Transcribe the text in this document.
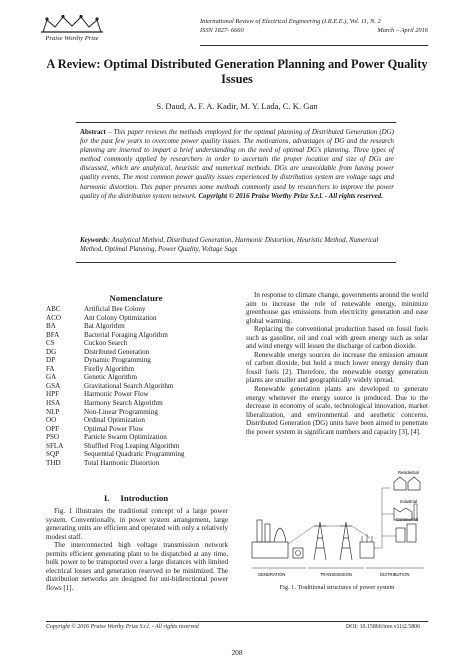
Praise Worthy Prize
International Review of Electrical Engineering (I.R.E.E.), Vol. 11, N. 2
ISSN 1827- 6660	March – April 2016
A Review: Optimal Distributed Generation Planning and Power Quality Issues
S. Daud, A. F. A. Kadir, M. Y. Lada, C. K. Gan
Abstract – This paper reviews the methods employed for the optimal planning of Distributed Generation (DG) for the past few years to overcome power quality issues. The motivations, advantages of DG and the research planning are inserted to impart a brief understanding on the need of optimal DG's planning. Three types of method commonly applied by researchers in order to ascertain the proper location and size of DGs are discussed, which are analytical, heuristic and numerical methods. DGs are unavoidable from having power quality events. The most common power quality issues experienced by distribution system are voltage sags and harmonic distortion. This paper presents some methods commonly used by researchers to improve the power quality of the distribution system network. Copyright © 2016 Praise Worthy Prize S.r.l. - All rights reserved.
Keywords: Analytical Method, Distributed Generation, Harmonic Distortion, Heuristic Method, Numerical Method, Optimal Planning, Power Quality, Voltage Sags
Nomenclature
ABC	Artificial Bee Colony
ACO	Ant Colony Optimization
BA	Bat Algorithm
BFA	Bacterial Foraging Algorithm
CS	Cuckoo Search
DG	Distributed Generation
DP	Dynamic Programming
FA	Firefly Algorithm
GA	Genetic Algorithm
GSA	Gravitational Search Algorithm
HPF	Harmonic Power Flow
HSA	Harmony Search Algorithm
NLP	Non-Linear Programming
OO	Ordinal Optimization
OPF	Optimal Power Flow
PSO	Particle Swarm Optimization
SFLA	Shuffled Frog Leaping Algorithm
SQP	Sequential Quadratic Programming
THD	Total Harmonic Distortion
I.     Introduction

Fig. 1 illustrates the traditional concept of a large power system. Conventionally, in power system arrangement, large generating units are efficient and operated with only a relatively modest staff.

The interconnected high voltage transmission network permits efficient generating plant to be dispatched at any time, bulk power to be transported over a large distances with limited electrical losses and generation reserved to be minimized. The distribution networks are designed for uni-bidirectional power flows [1].

In response to climate change, governments around the world aim to increase the role of renewable energy, minimize greenhouse gas emissions from electricity generation and ease global warming.

Replacing the conventional production based on fossil fuels such as gasoline, oil and coal with green energy such as solar and wind energy will lessen the discharge of carbon dioxide.

Renewable energy sources do increase the emission amount of carbon dioxide, but hold a much lower energy density than fossil fuels [2]. Therefore, the renewable energy generation plants are smaller and geographically widely spread.

Renewable generation plants are developed to generate energy whenever the energy source is produced. Due to the decrease in economy of scale, technological innovation, market liberalization, and environmental and aesthetic concerns, Distributed Generation (DG) units have been aimed to penetrate the power system in significant numbers and capacity [3], [4].

Residential
Industrial
Commercial
GENERATION	TRANSMISSION	DISTRIBUTION
Fig. 1. Traditional structures of power system
Copyright © 2016 Praise Worthy Prize S.r.l. - All rights reserved	DOI: 10.15866/iree.v11i2.5806
208
